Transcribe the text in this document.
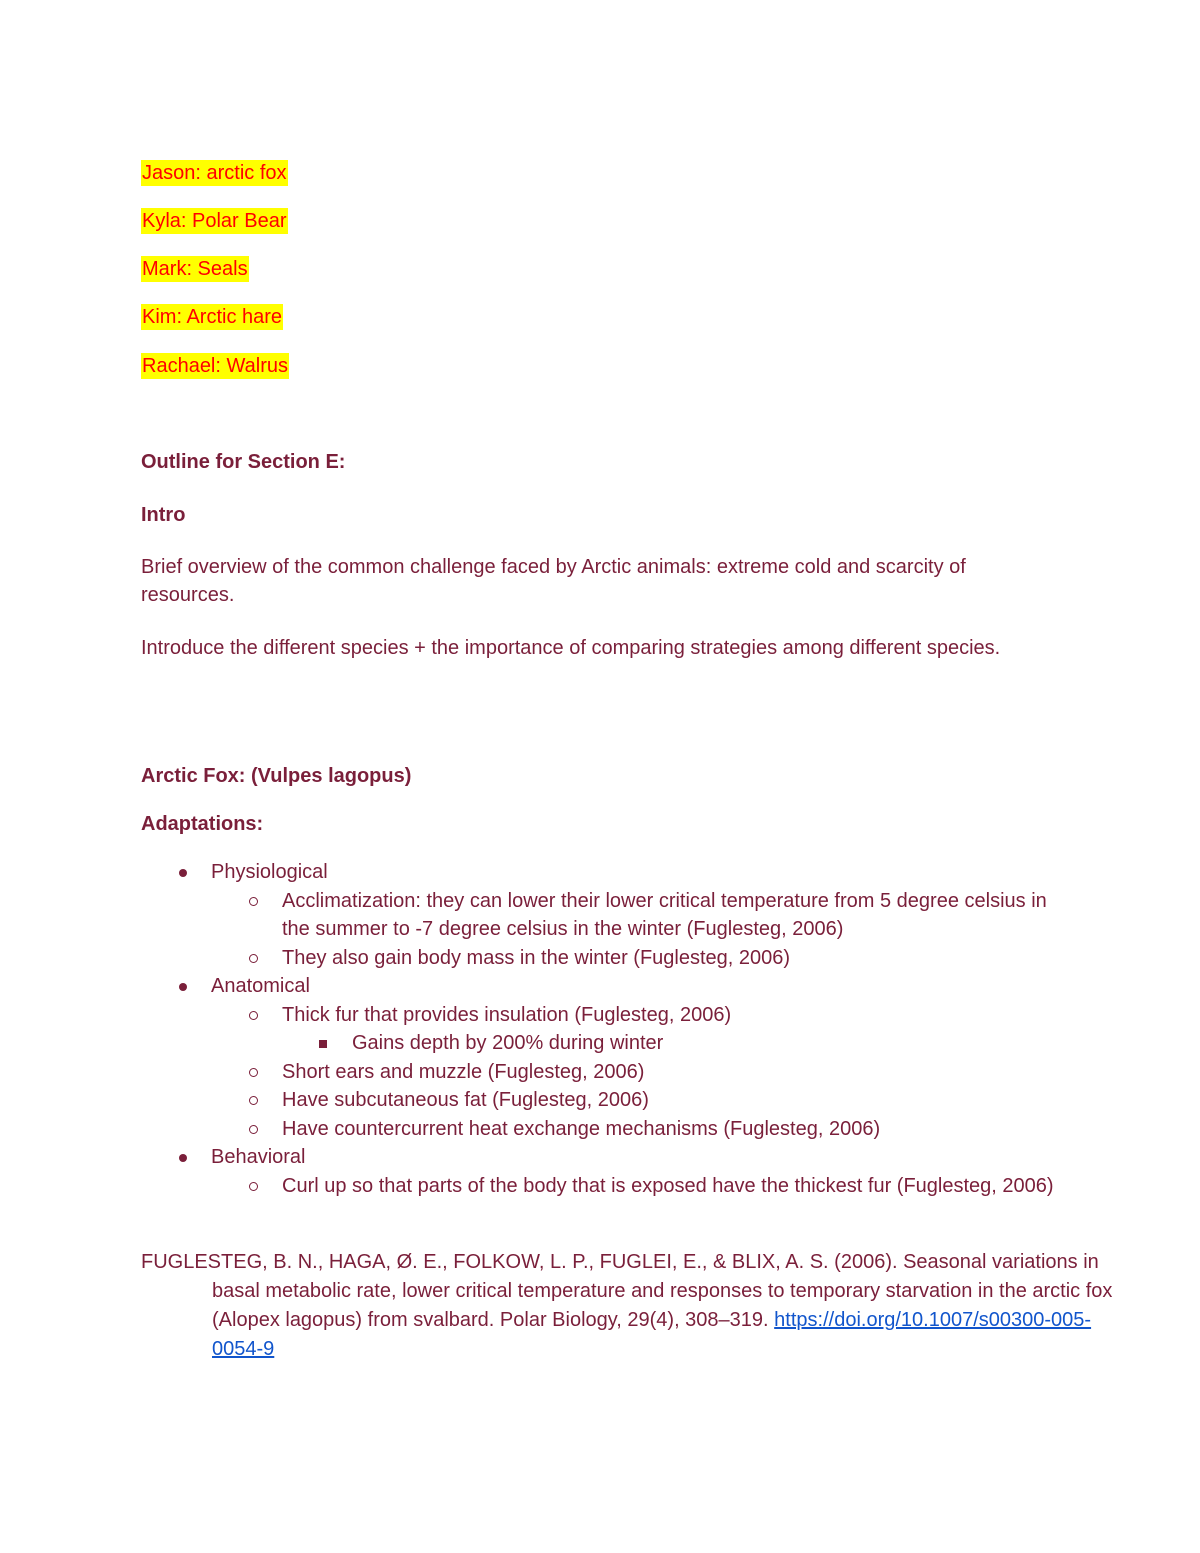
Jason: arctic fox
Kyla: Polar Bear
Mark: Seals
Kim: Arctic hare
Rachael: Walrus
Outline for Section E:
Intro
Brief overview of the common challenge faced by Arctic animals: extreme cold and scarcity of resources.
Introduce the different species + the importance of comparing strategies among different species.
Arctic Fox: (Vulpes lagopus)
Adaptations:
Physiological
Acclimatization: they can lower their lower critical temperature from 5 degree celsius in the summer to -7 degree celsius in the winter (Fuglesteg, 2006)
They also gain body mass in the winter (Fuglesteg, 2006)
Anatomical
Thick fur that provides insulation (Fuglesteg, 2006)
Gains depth by 200% during winter
Short ears and muzzle (Fuglesteg, 2006)
Have subcutaneous fat (Fuglesteg, 2006)
Have countercurrent heat exchange mechanisms (Fuglesteg, 2006)
Behavioral
Curl up so that parts of the body that is exposed have the thickest fur (Fuglesteg, 2006)
FUGLESTEG, B. N., HAGA, Ø. E., FOLKOW, L. P., FUGLEI, E., & BLIX, A. S. (2006). Seasonal variations in basal metabolic rate, lower critical temperature and responses to temporary starvation in the arctic fox (Alopex lagopus) from svalbard. Polar Biology, 29(4), 308–319. https://doi.org/10.1007/s00300-005-0054-9
